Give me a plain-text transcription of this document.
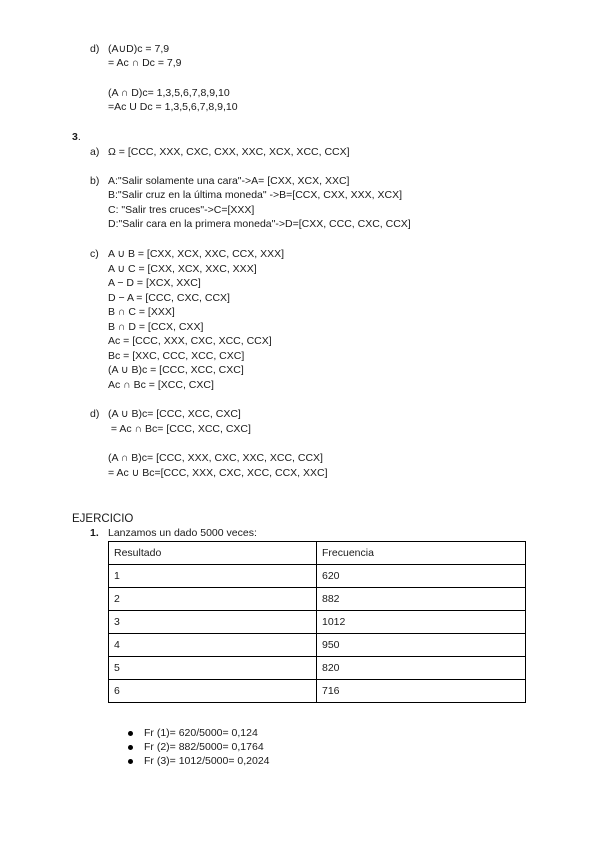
d) (A∪D)c = 7,9
= Ac ∩ Dc = 7,9
(A ∩ D)c= 1,3,5,6,7,8,9,10
=Ac U Dc = 1,3,5,6,7,8,9,10
3.
a) Ω = [CCC, XXX, CXC, CXX, XXC, XCX, XCC, CCX]
b) A:"Salir solamente una cara"->A= [CXX, XCX, XXC]
B:"Salir cruz en la última moneda" ->B=[CCX, CXX, XXX, XCX]
C: "Salir tres cruces"->C=[XXX]
D:"Salir cara en la primera moneda"->D=[CXX, CCC, CXC, CCX]
c) A ∪ B = [CXX, XCX, XXC, CCX, XXX]
A ∪ C = [CXX, XCX, XXC, XXX]
A − D = [XCX, XXC]
D − A = [CCC, CXC, CCX]
B ∩ C = [XXX]
B ∩ D = [CCX, CXX]
Ac = [CCC, XXX, CXC, XCC, CCX]
Bc = [XXC, CCC, XCC, CXC]
(A ∪ B)c = [CCC, XCC, CXC]
Ac ∩ Bc = [XCC, CXC]
d) (A ∪ B)c= [CCC, XCC, CXC]
= Ac ∩ Bc= [CCC, XCC, CXC]
(A ∩ B)c= [CCC, XXX, CXC, XXC, XCC, CCX]
= Ac ∪ Bc=[CCC, XXX, CXC, XCC, CCX, XXC]
EJERCICIO
1. Lanzamos un dado 5000 veces:
Resultado	Frecuencia
1	620
2	882
3	1012
4	950
5	820
6	716
Fr (1)= 620/5000= 0,124
Fr (2)= 882/5000= 0,1764
Fr (3)= 1012/5000= 0,2024
